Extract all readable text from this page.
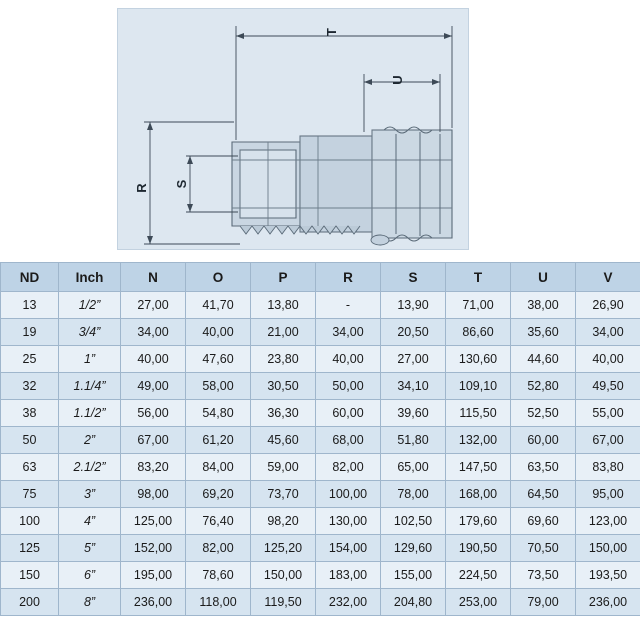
T
U
R S
ND	Inch	N	O	P	R	S	T	U	V
13	1/2”	27,00	41,70	13,80	-	13,90	71,00	38,00	26,90
19	3/4”	34,00	40,00	21,00	34,00	20,50	86,60	35,60	34,00
25	1”	40,00	47,60	23,80	40,00	27,00	130,60	44,60	40,00
32	1.1/4”	49,00	58,00	30,50	50,00	34,10	109,10	52,80	49,50
38	1.1/2”	56,00	54,80	36,30	60,00	39,60	115,50	52,50	55,00
50	2”	67,00	61,20	45,60	68,00	51,80	132,00	60,00	67,00
63	2.1/2”	83,20	84,00	59,00	82,00	65,00	147,50	63,50	83,80
75	3”	98,00	69,20	73,70	100,00	78,00	168,00	64,50	95,00
100	4”	125,00	76,40	98,20	130,00	102,50	179,60	69,60	123,00
125	5”	152,00	82,00	125,20	154,00	129,60	190,50	70,50	150,00
150	6”	195,00	78,60	150,00	183,00	155,00	224,50	73,50	193,50
200	8”	236,00	118,00	119,50	232,00	204,80	253,00	79,00	236,00
